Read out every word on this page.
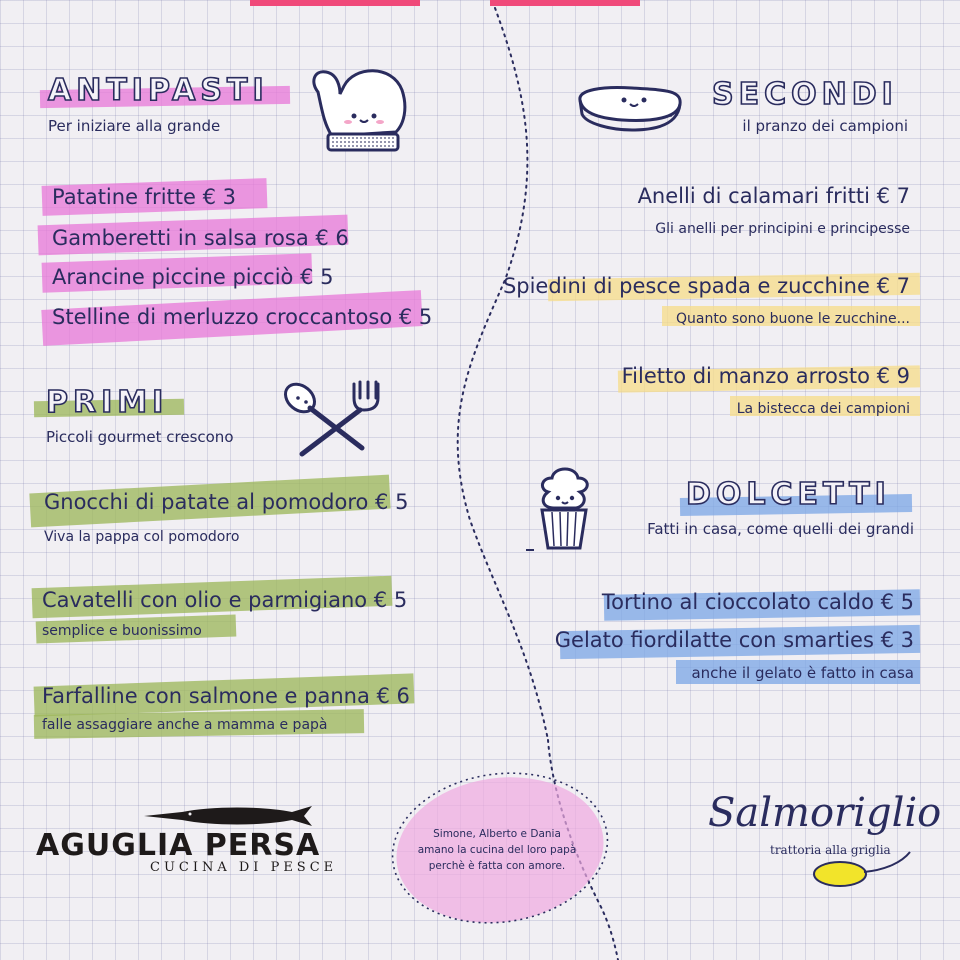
ANTIPASTI
Per iniziare alla grande
Patatine fritte € 3
Gamberetti in salsa rosa € 6
Arancine piccine picciò € 5
Stelline di merluzzo croccantoso € 5
PRIMI
Piccoli gourmet crescono
Gnocchi di patate al pomodoro € 5
Viva la pappa col pomodoro
Cavatelli con olio e parmigiano € 5
semplice e buonissimo
Farfalline con salmone e panna € 6
falle assaggiare anche a mamma e papà
SECONDI
il pranzo dei campioni
Anelli di calamari fritti € 7
Gli anelli per principini e principesse
Spiedini di pesce spada e zucchine € 7
Quanto sono buone le zucchine...
Filetto di manzo arrosto € 9
La bistecca dei campioni
DOLCETTI
Fatti in casa, come quelli dei grandi
Tortino al cioccolato caldo € 5
Gelato fiordilatte con smarties € 3
anche il gelato è fatto in casa
Simone, Alberto e Dania
amano la cucina del loro papà
perchè è fatta con amore.
AGUGLIA PERSA
CUCINA DI PESCE
Salmoriglio
trattoria alla griglia
